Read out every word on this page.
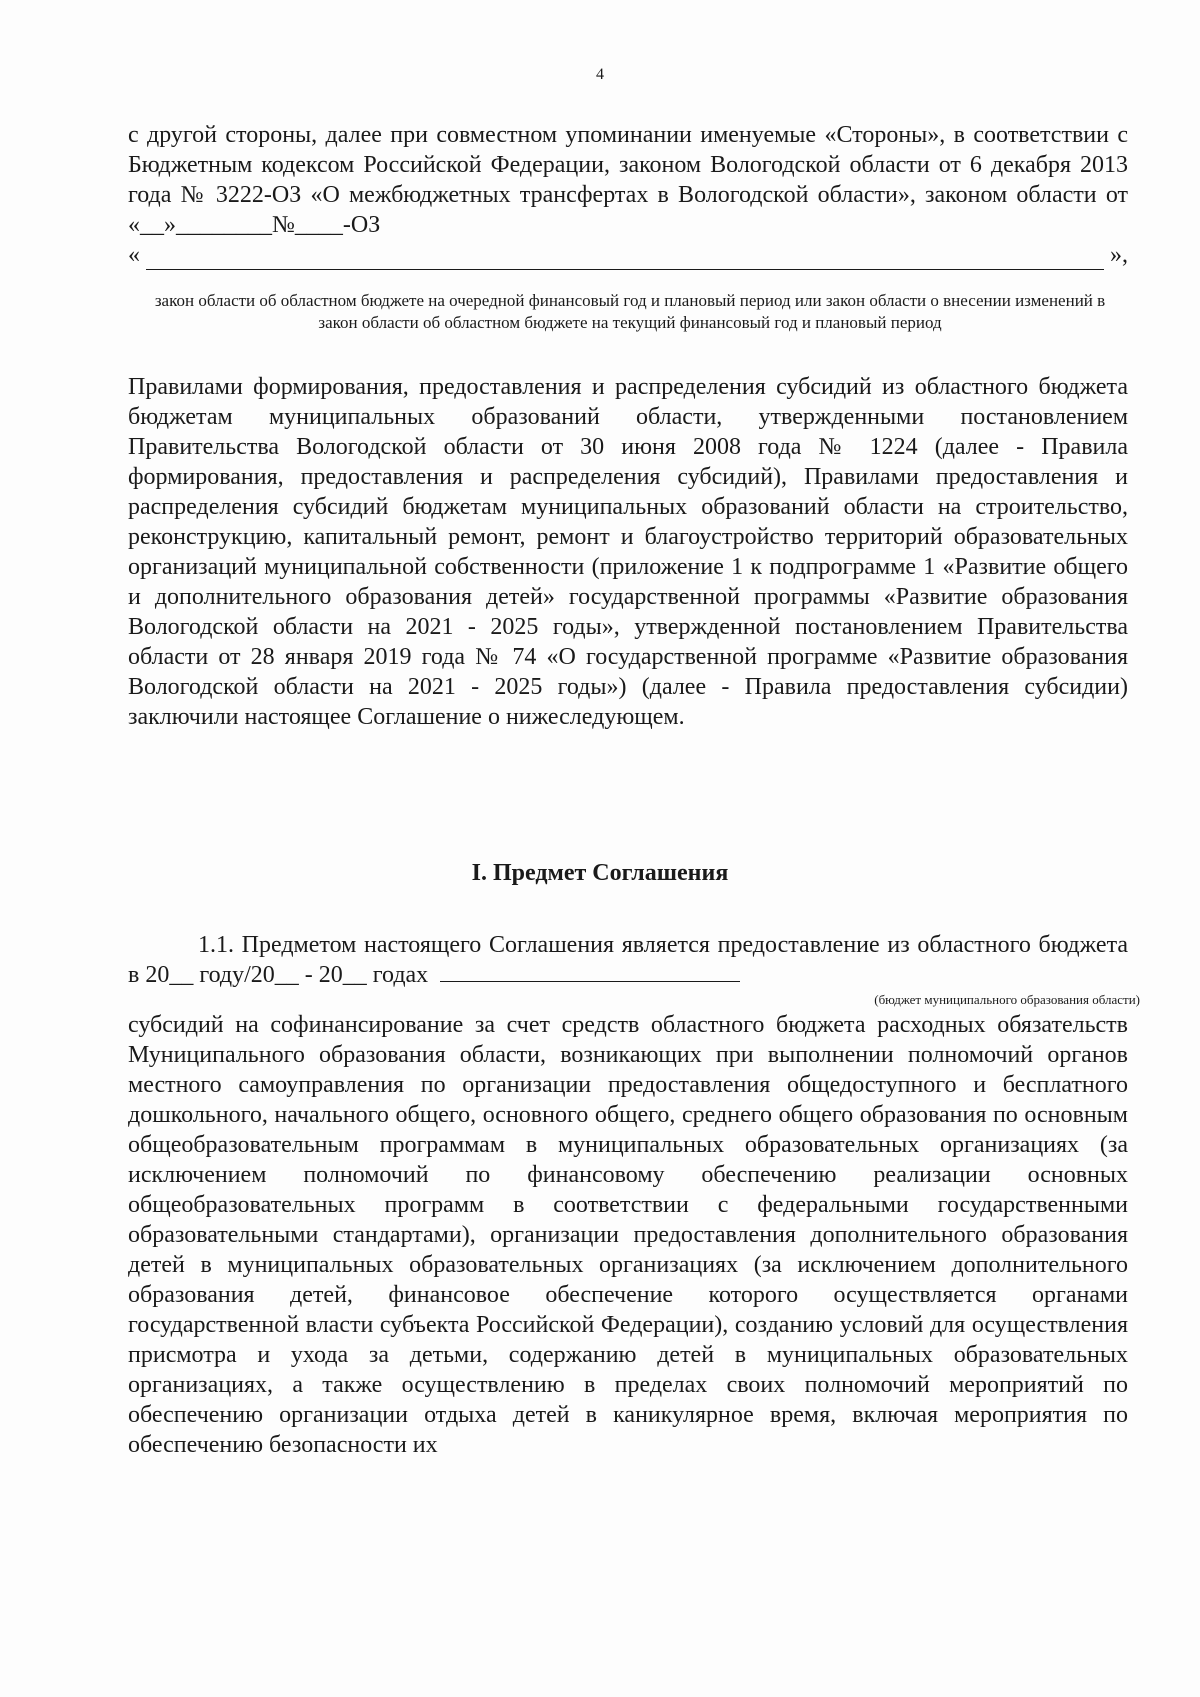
4
с другой стороны, далее при совместном упоминании именуемые «Стороны», в соответствии с Бюджетным кодексом Российской Федерации, законом Вологодской области от 6 декабря 2013 года № 3222-ОЗ «О межбюджетных трансфертах в Вологодской области», законом области от «__»________№____-ОЗ
«	»,
закон области об областном бюджете на очередной финансовый год и плановый период или закон области о внесении изменений в закон области об областном бюджете на текущий финансовый год и плановый период
Правилами формирования, предоставления и распределения субсидий из областного бюджета бюджетам муниципальных образований области, утвержденными постановлением Правительства Вологодской области от 30 июня 2008 года № 1224 (далее - Правила формирования, предоставления и распределения субсидий), Правилами предоставления и распределения субсидий бюджетам муниципальных образований области на строительство, реконструкцию, капитальный ремонт, ремонт и благоустройство территорий образовательных организаций муниципальной собственности (приложение 1 к подпрограмме 1 «Развитие общего и дополнительного образования детей» государственной программы «Развитие образования Вологодской области на 2021 - 2025 годы», утвержденной постановлением Правительства области от 28 января 2019 года № 74 «О государственной программе «Развитие образования Вологодской области на 2021 - 2025 годы») (далее - Правила предоставления субсидии) заключили настоящее Соглашение о нижеследующем.
I. Предмет Соглашения
1.1. Предметом настоящего Соглашения является предоставление из областного бюджета в 20__ году/20__ - 20__ годах
(бюджет муниципального образования области)
субсидий на софинансирование за счет средств областного бюджета расходных обязательств Муниципального образования области, возникающих при выполнении полномочий органов местного самоуправления по организации предоставления общедоступного и бесплатного дошкольного, начального общего, основного общего, среднего общего образования по основным общеобразовательным программам в муниципальных образовательных организациях (за исключением полномочий по финансовому обеспечению реализации основных общеобразовательных программ в соответствии с федеральными государственными образовательными стандартами), организации предоставления дополнительного образования детей в муниципальных образовательных организациях (за исключением дополнительного образования детей, финансовое обеспечение которого осуществляется органами государственной власти субъекта Российской Федерации), созданию условий для осуществления присмотра и ухода за детьми, содержанию детей в муниципальных образовательных организациях, а также осуществлению в пределах своих полномочий мероприятий по обеспечению организации отдыха детей в каникулярное время, включая мероприятия по обеспечению безопасности их
